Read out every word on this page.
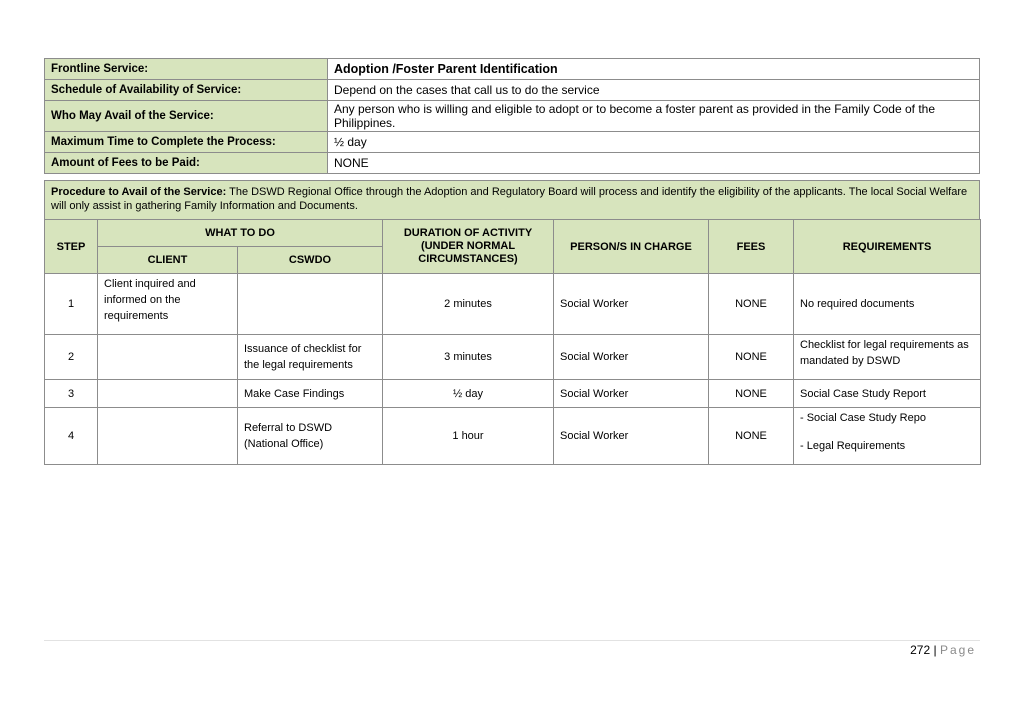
Frontline Service:	Adoption /Foster Parent Identification
Schedule of Availability of Service:	Depend on the cases that call us to do the service
Who May Avail of the Service:	Any person who is willing and eligible to adopt or to become a foster parent as provided in the Family Code of the Philippines.
Maximum Time to Complete the Process:	½ day
Amount of Fees to be Paid:	NONE
Procedure to Avail of the Service: The DSWD Regional Office through the Adoption and Regulatory Board will process and identify the eligibility of the applicants. The local Social Welfare will only assist in gathering Family Information and Documents.
STEP	WHAT TO DO		DURATION OF ACTIVITY (UNDER NORMAL CIRCUMSTANCES)	PERSON/S IN CHARGE	FEES	REQUIREMENTS
	CLIENT	CSWDO				
1	Client inquired and informed on the requirements		2 minutes	Social Worker	NONE	No required documents
2		Issuance of checklist for the legal requirements	3 minutes	Social Worker	NONE	Checklist for legal requirements as mandated by DSWD
3		Make Case Findings	½ day	Social Worker	NONE	Social Case Study Report
4		Referral to DSWD (National Office)	1 hour	Social Worker	NONE	- Social Case Study Repo
- Legal Requirements
272 | Page
